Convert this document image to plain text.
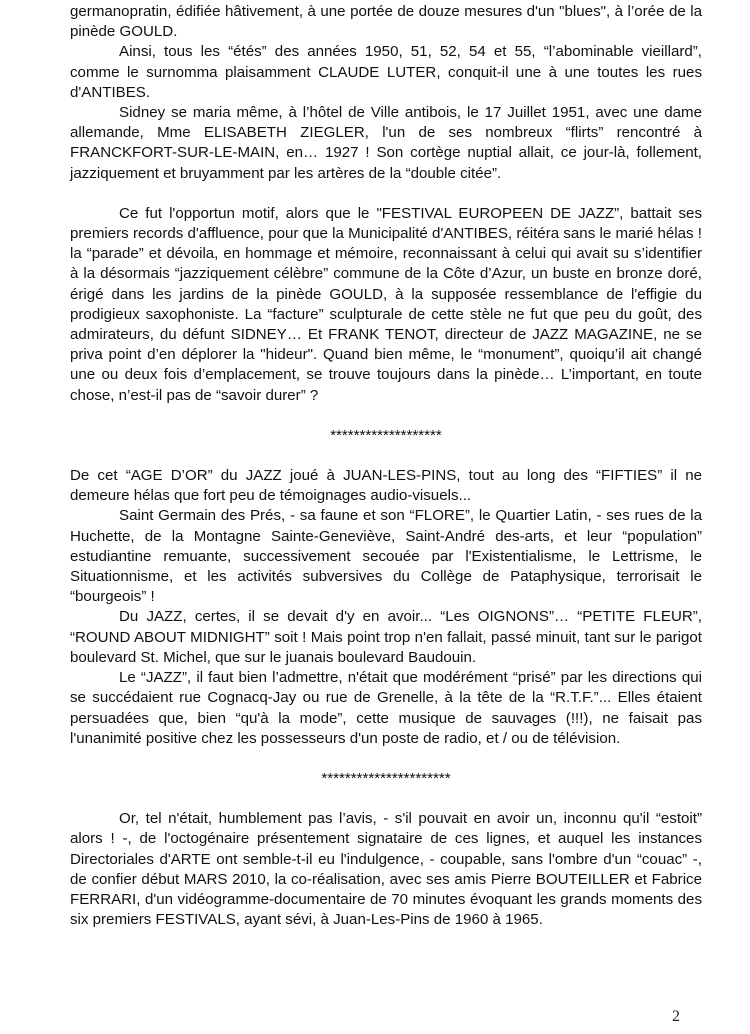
germanopratin, édifiée hâtivement, à une portée de douze mesures d'un "blues", à l’orée de la pinède GOULD.

Ainsi, tous les “étés” des années 1950, 51, 52, 54 et 55, “l’abominable vieillard”, comme le surnomma plaisamment CLAUDE LUTER, conquit-il une à une toutes les rues d'ANTIBES.

Sidney se maria même, à l’hôtel de Ville antibois, le 17 Juillet 1951, avec une dame allemande, Mme ELISABETH ZIEGLER, l'un de ses nombreux “flirts” rencontré à FRANCKFORT-SUR-LE-MAIN, en… 1927 ! Son cortège nuptial allait, ce jour-là, follement, jazziquement et bruyamment par les artères de la “double citée”.

Ce fut l'opportun motif, alors que le "FESTIVAL EUROPEEN DE JAZZ”, battait ses premiers records d'affluence, pour que la Municipalité d'ANTIBES, réitéra sans le marié hélas ! la “parade” et dévoila, en hommage et mémoire, reconnaissant à celui qui avait su s’identifier à la désormais “jazziquement célèbre” commune de la Côte d’Azur, un buste en bronze doré, érigé dans les jardins de la pinède GOULD, à la supposée ressemblance de l'effigie du prodigieux saxophoniste. La “facture” sculpturale de cette stèle ne fut que peu du goût, des admirateurs, du défunt SIDNEY… Et FRANK TENOT, directeur de JAZZ MAGAZINE, ne se priva point d’en déplorer la "hideur". Quand bien même, le “monument”, quoiqu’il ait changé une ou deux fois d’emplacement, se trouve toujours dans la pinède… L’important, en toute chose, n’est-il pas de “savoir durer” ?

*******************

De cet “AGE D’OR” du JAZZ joué à JUAN-LES-PINS, tout au long des “FIFTIES” il ne demeure hélas que fort peu de témoignages audio-visuels...

Saint Germain des Prés, - sa faune et son “FLORE”, le Quartier Latin, - ses rues de la Huchette, de la Montagne Sainte-Geneviève, Saint-André des-arts, et leur “population” estudiantine remuante, successivement secouée par l'Existentialisme, le Lettrisme, le Situationnisme, et les activités subversives du Collège de Pataphysique, terrorisait le “bourgeois” !

Du JAZZ, certes, il se devait d'y en avoir... “Les OIGNONS”… “PETITE FLEUR”, “ROUND ABOUT MIDNIGHT” soit ! Mais point trop n'en fallait, passé minuit, tant sur le parigot boulevard St. Michel, que sur le juanais boulevard Baudouin.

Le “JAZZ”, il faut bien l’admettre, n'était que modérément “prisé” par les directions qui se succédaient rue Cognacq-Jay ou rue de Grenelle, à la tête de la “R.T.F.”... Elles étaient persuadées que, bien “qu'à la mode”, cette musique de sauvages (!!!), ne faisait pas l'unanimité positive chez les possesseurs d'un poste de radio, et / ou de télévision.

**********************

Or, tel n'était, humblement pas l’avis, - s'il pouvait en avoir un, inconnu qu'il “estoit” alors ! -, de l'octogénaire présentement signataire de ces lignes, et auquel les instances Directoriales d'ARTE ont semble-t-il eu l'indulgence, - coupable, sans l'ombre d'un “couac” -, de confier début MARS 2010, la co-réalisation, avec ses amis Pierre BOUTEILLER et Fabrice FERRARI, d'un vidéogramme-documentaire de 70 minutes évoquant les grands moments des six premiers FESTIVALS, ayant sévi, à Juan-Les-Pins de 1960 à 1965.

2
